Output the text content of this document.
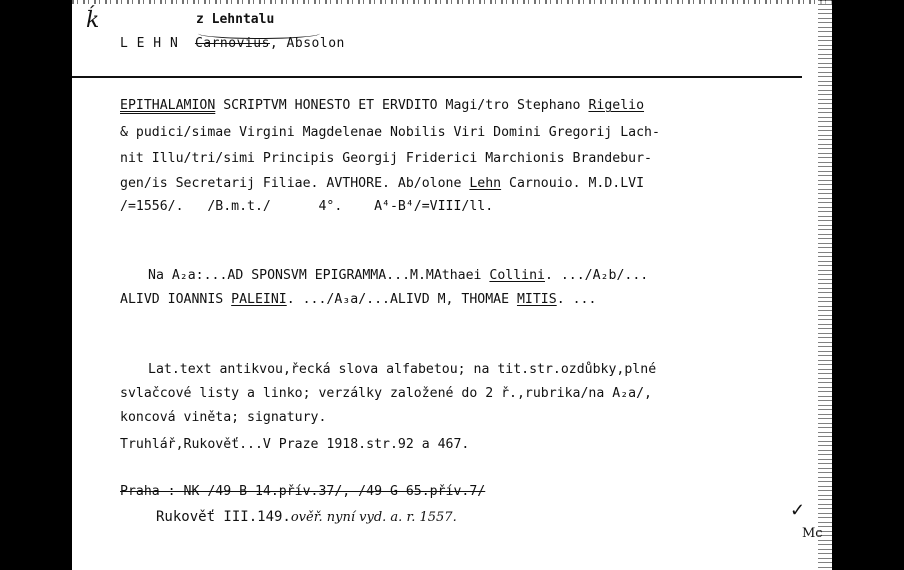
ḱ	z Lehntalu
L E H N Carnovius, Absolon
EPITHALAMION SCRIPTVM HONESTO ET ERVDITO Magi/tro Stephano Rigelio
& pudici/simae Virgini Magdelenae Nobilis Viri Domini Gregorij Lach-
nit Illu/tri/simi Principis Georgij Friderici Marchionis Brandebur-
gen/is Secretarij Filiae. AVTHORE. Ab/olone Lehn Carnouio. M.D.LVI
/=1556/.   /B.m.t./      4°.    A⁴-B⁴/=VIII/ll.
Na A₂a:...AD SPONSVM EPIGRAMMA...M.MAthaei Collini. .../A₂b/...
ALIVD IOANNIS PALEINI. .../A₃a/...ALIVD M, THOMAE MITIS. ...
Lat.text antikvou,řecká slova alfabetou; na tit.str.ozdůbky,plné
svlačcové listy a linko; verzálky založené do 2 ř.,rubrika/na A₂a/,
koncová viněta; signatury.
Truhlář,Rukověť...V Praze 1918.str.92 a 467.
Praha : NK /49 B 14.přív.37/, /49 G 65.přív.7/
Rukověť III.149.ověř. nyní vyd. a. r. 1557.	✓
Mc
